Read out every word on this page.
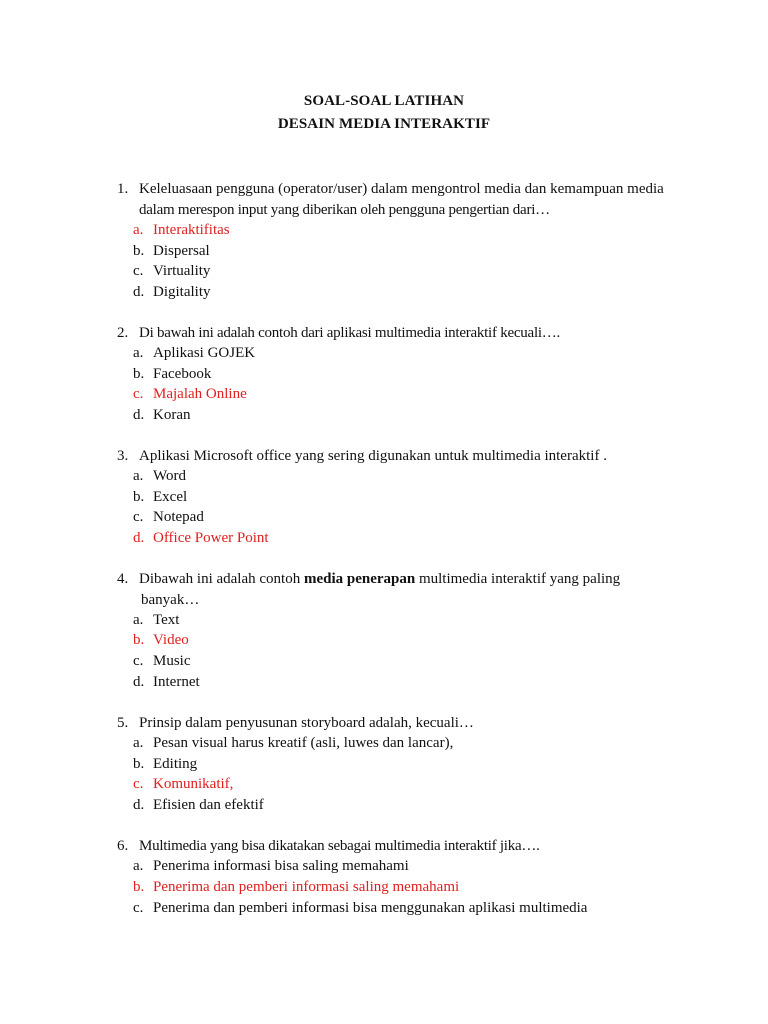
SOAL-SOAL LATIHAN
DESAIN MEDIA INTERAKTIF
1. Keleluasaan pengguna (operator/user) dalam mengontrol media dan kemampuan media
dalam merespon input yang diberikan oleh pengguna pengertian dari…
a. Interaktifitas
b. Dispersal
c. Virtuality
d. Digitality
2. Di bawah ini adalah contoh dari aplikasi multimedia interaktif kecuali….
a. Aplikasi GOJEK
b. Facebook
c. Majalah Online
d. Koran
3. Aplikasi Microsoft office yang sering digunakan untuk multimedia interaktif .
a. Word
b. Excel
c. Notepad
d. Office Power Point
4. Dibawah ini adalah contoh media penerapan multimedia interaktif yang paling
banyak…
a. Text
b. Video
c. Music
d. Internet
5. Prinsip dalam penyusunan storyboard adalah, kecuali…
a. Pesan visual harus kreatif (asli, luwes dan lancar),
b. Editing
c. Komunikatif,
d. Efisien dan efektif
6. Multimedia yang bisa dikatakan sebagai multimedia interaktif jika….
a. Penerima informasi bisa saling memahami
b. Penerima dan pemberi informasi saling memahami
c. Penerima dan pemberi informasi bisa menggunakan aplikasi multimedia
